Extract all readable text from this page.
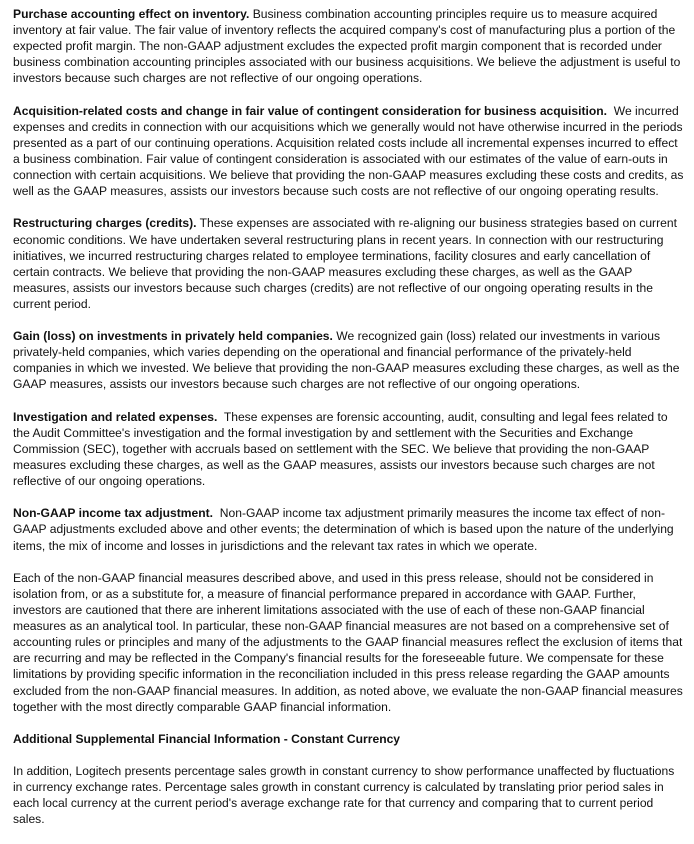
Purchase accounting effect on inventory. Business combination accounting principles require us to measure acquired inventory at fair value. The fair value of inventory reflects the acquired company's cost of manufacturing plus a portion of the expected profit margin. The non-GAAP adjustment excludes the expected profit margin component that is recorded under business combination accounting principles associated with our business acquisitions. We believe the adjustment is useful to investors because such charges are not reflective of our ongoing operations.

Acquisition-related costs and change in fair value of contingent consideration for business acquisition. We incurred expenses and credits in connection with our acquisitions which we generally would not have otherwise incurred in the periods presented as a part of our continuing operations. Acquisition related costs include all incremental expenses incurred to effect a business combination. Fair value of contingent consideration is associated with our estimates of the value of earn-outs in connection with certain acquisitions. We believe that providing the non-GAAP measures excluding these costs and credits, as well as the GAAP measures, assists our investors because such costs are not reflective of our ongoing operating results.

Restructuring charges (credits). These expenses are associated with re-aligning our business strategies based on current economic conditions. We have undertaken several restructuring plans in recent years. In connection with our restructuring initiatives, we incurred restructuring charges related to employee terminations, facility closures and early cancellation of certain contracts. We believe that providing the non-GAAP measures excluding these charges, as well as the GAAP measures, assists our investors because such charges (credits) are not reflective of our ongoing operating results in the current period.

Gain (loss) on investments in privately held companies. We recognized gain (loss) related our investments in various privately-held companies, which varies depending on the operational and financial performance of the privately-held companies in which we invested. We believe that providing the non-GAAP measures excluding these charges, as well as the GAAP measures, assists our investors because such charges are not reflective of our ongoing operations.

Investigation and related expenses. These expenses are forensic accounting, audit, consulting and legal fees related to the Audit Committee's investigation and the formal investigation by and settlement with the Securities and Exchange Commission (SEC), together with accruals based on settlement with the SEC. We believe that providing the non-GAAP measures excluding these charges, as well as the GAAP measures, assists our investors because such charges are not reflective of our ongoing operations.

Non-GAAP income tax adjustment. Non-GAAP income tax adjustment primarily measures the income tax effect of non-GAAP adjustments excluded above and other events; the determination of which is based upon the nature of the underlying items, the mix of income and losses in jurisdictions and the relevant tax rates in which we operate.

Each of the non-GAAP financial measures described above, and used in this press release, should not be considered in isolation from, or as a substitute for, a measure of financial performance prepared in accordance with GAAP. Further, investors are cautioned that there are inherent limitations associated with the use of each of these non-GAAP financial measures as an analytical tool. In particular, these non-GAAP financial measures are not based on a comprehensive set of accounting rules or principles and many of the adjustments to the GAAP financial measures reflect the exclusion of items that are recurring and may be reflected in the Company's financial results for the foreseeable future. We compensate for these limitations by providing specific information in the reconciliation included in this press release regarding the GAAP amounts excluded from the non-GAAP financial measures. In addition, as noted above, we evaluate the non-GAAP financial measures together with the most directly comparable GAAP financial information.

Additional Supplemental Financial Information - Constant Currency

In addition, Logitech presents percentage sales growth in constant currency to show performance unaffected by fluctuations in currency exchange rates. Percentage sales growth in constant currency is calculated by translating prior period sales in each local currency at the current period's average exchange rate for that currency and comparing that to current period sales.
